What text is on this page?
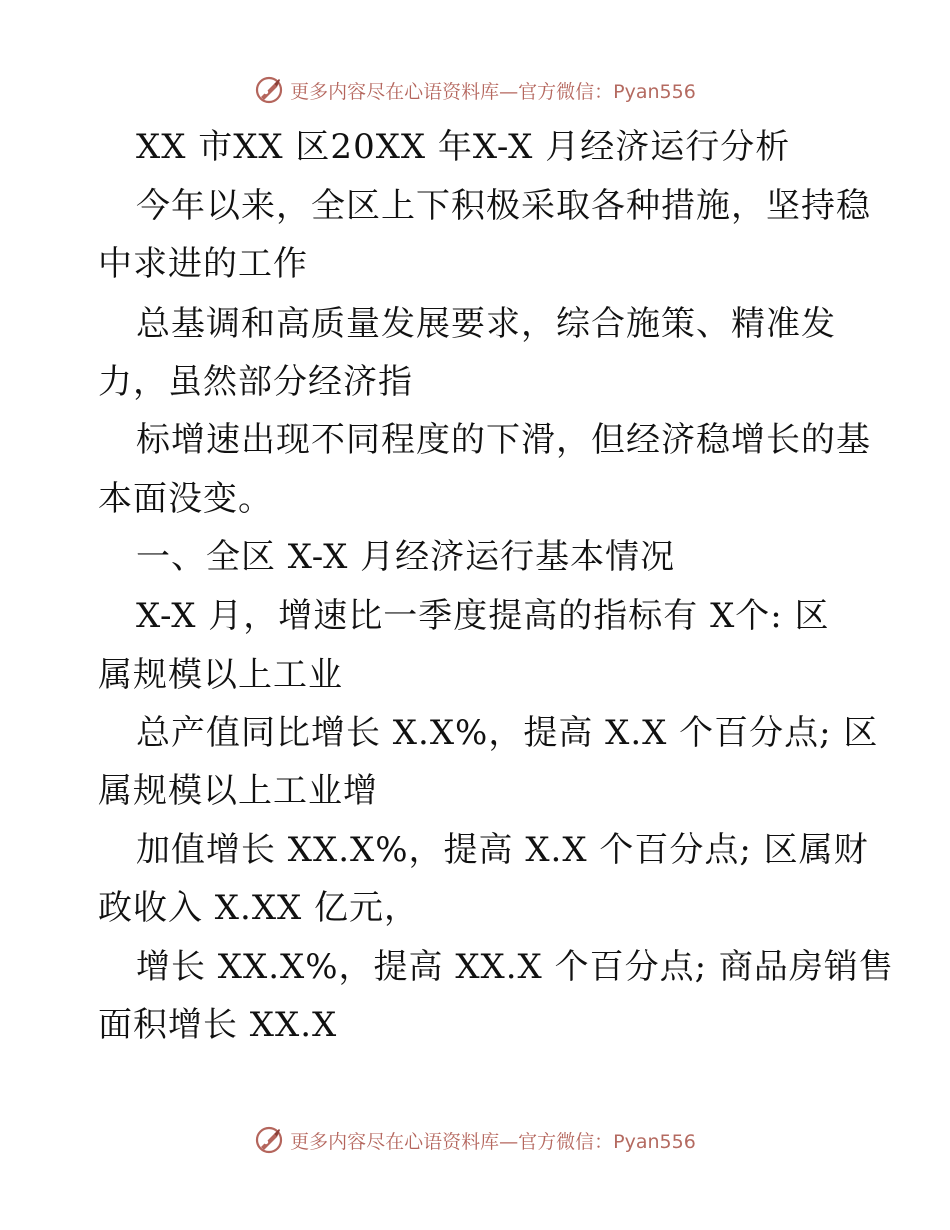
更多内容尽在心语资料库—官方微信：Pyan556
XX 市XX 区20XX 年X-X 月经济运行分析
今年以来，全区上下积极采取各种措施，坚持稳
中求进的工作
总基调和高质量发展要求，综合施策、精准发
力，虽然部分经济指
标增速出现不同程度的下滑，但经济稳增长的基
本面没变。
一、全区 X-X 月经济运行基本情况
X-X 月，增速比一季度提高的指标有 X个: 区
属规模以上工业
总产值同比增长 X.X%，提高 X.X 个百分点; 区
属规模以上工业增
加值增长 XX.X%，提高 X.X 个百分点; 区属财
政收入 X.XX 亿元，
增长 XX.X%，提高 XX.X 个百分点; 商品房销售
面积增长 XX.X
更多内容尽在心语资料库—官方微信：Pyan556
